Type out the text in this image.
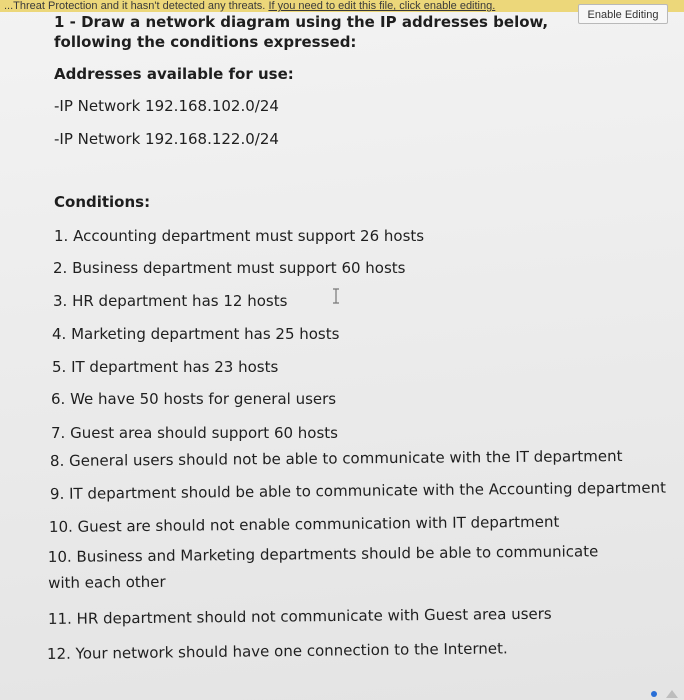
...Threat Protection and it hasn't detected any threats. If you need to edit this file, click enable editing.
Enable Editing
1 - Draw a network diagram using the IP addresses below, following the conditions expressed:
Addresses available for use:
-IP Network 192.168.102.0/24
-IP Network 192.168.122.0/24
Conditions:
1. Accounting department must support 26 hosts
2. Business department must support 60 hosts
3. HR department has 12 hosts
4. Marketing department has 25 hosts
5. IT department has 23 hosts
6. We have 50 hosts for general users
7. Guest area should support 60 hosts
8. General users should not be able to communicate with the IT department
9. IT department should be able to communicate with the Accounting department
10. Guest are should not enable communication with IT department
10. Business and Marketing departments should be able to communicate with each other
11. HR department should not communicate with Guest area users
12. Your network should have one connection to the Internet.
